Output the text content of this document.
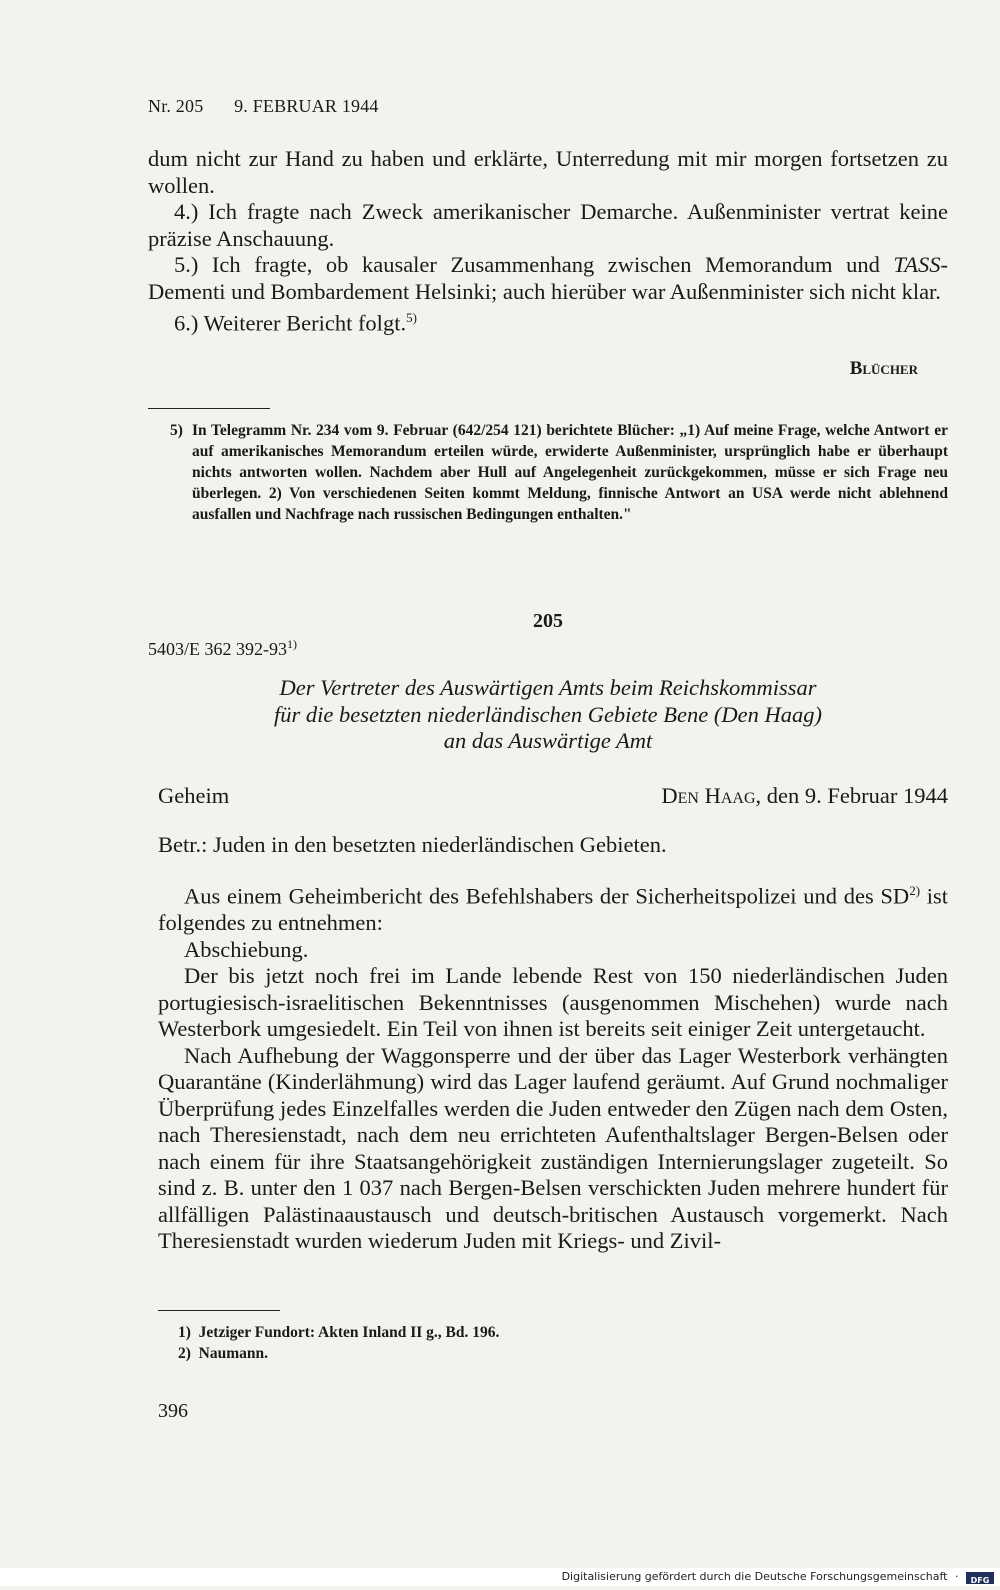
Nr. 205 9. FEBRUAR 1944

dum nicht zur Hand zu haben und erklärte, Unterredung mit mir morgen fortsetzen zu wollen.

4.) Ich fragte nach Zweck amerikanischer Demarche. Außenminister vertrat keine präzise Anschauung.

5.) Ich fragte, ob kausaler Zusammenhang zwischen Memorandum und TASS-Dementi und Bombardement Helsinki; auch hierüber war Außenminister sich nicht klar.

6.) Weiterer Bericht folgt.$^{5)}$

Blücher
5) In Telegramm Nr. 234 vom 9. Februar (642/254 121) berichtete Blücher: „1) Auf meine Frage, welche Antwort er auf amerikanisches Memorandum erteilen würde, erwiderte Außenminister, ursprünglich habe er überhaupt nichts antworten wollen. Nachdem aber Hull auf Angelegenheit zurückgekommen, müsse er sich Frage neu überlegen. 2) Von verschiedenen Seiten kommt Meldung, finnische Antwort an USA werde nicht ablehnend ausfallen und Nachfrage nach russischen Bedingungen enthalten."

205
5403/E 362 392-93$^{1)}$
Der Vertreter des Auswärtigen Amts beim Reichskommissar
für die besetzten niederländischen Gebiete Bene (Den Haag)
an das Auswärtige Amt
Geheim	Den Haag, den 9. Februar 1944
Betr.: Juden in den besetzten niederländischen Gebieten.

Aus einem Geheimbericht des Befehlshabers der Sicherheitspolizei und des SD$^{2)}$ ist folgendes zu entnehmen:

Abschiebung.

Der bis jetzt noch frei im Lande lebende Rest von 150 niederländischen Juden portugiesisch-israelitischen Bekenntnisses (ausgenommen Mischehen) wurde nach Westerbork umgesiedelt. Ein Teil von ihnen ist bereits seit einiger Zeit untergetaucht.

Nach Aufhebung der Waggonsperre und der über das Lager Westerbork verhängten Quarantäne (Kinderlähmung) wird das Lager laufend geräumt. Auf Grund nochmaliger Überprüfung jedes Einzelfalles werden die Juden entweder den Zügen nach dem Osten, nach Theresienstadt, nach dem neu errichteten Aufenthaltslager Bergen-Belsen oder nach einem für ihre Staatsangehörigkeit zuständigen Internierungslager zugeteilt. So sind z. B. unter den 1 037 nach Bergen-Belsen verschickten Juden mehrere hundert für allfälligen Palästinaaustausch und deutsch-britischen Austausch vorgemerkt. Nach Theresienstadt wurden wiederum Juden mit Kriegs- und Zivil-

1) Jetziger Fundort: Akten Inland II g., Bd. 196.
2) Naumann.
396
Digitalisierung gefördert durch die Deutsche Forschungsgemeinschaft · DFG
